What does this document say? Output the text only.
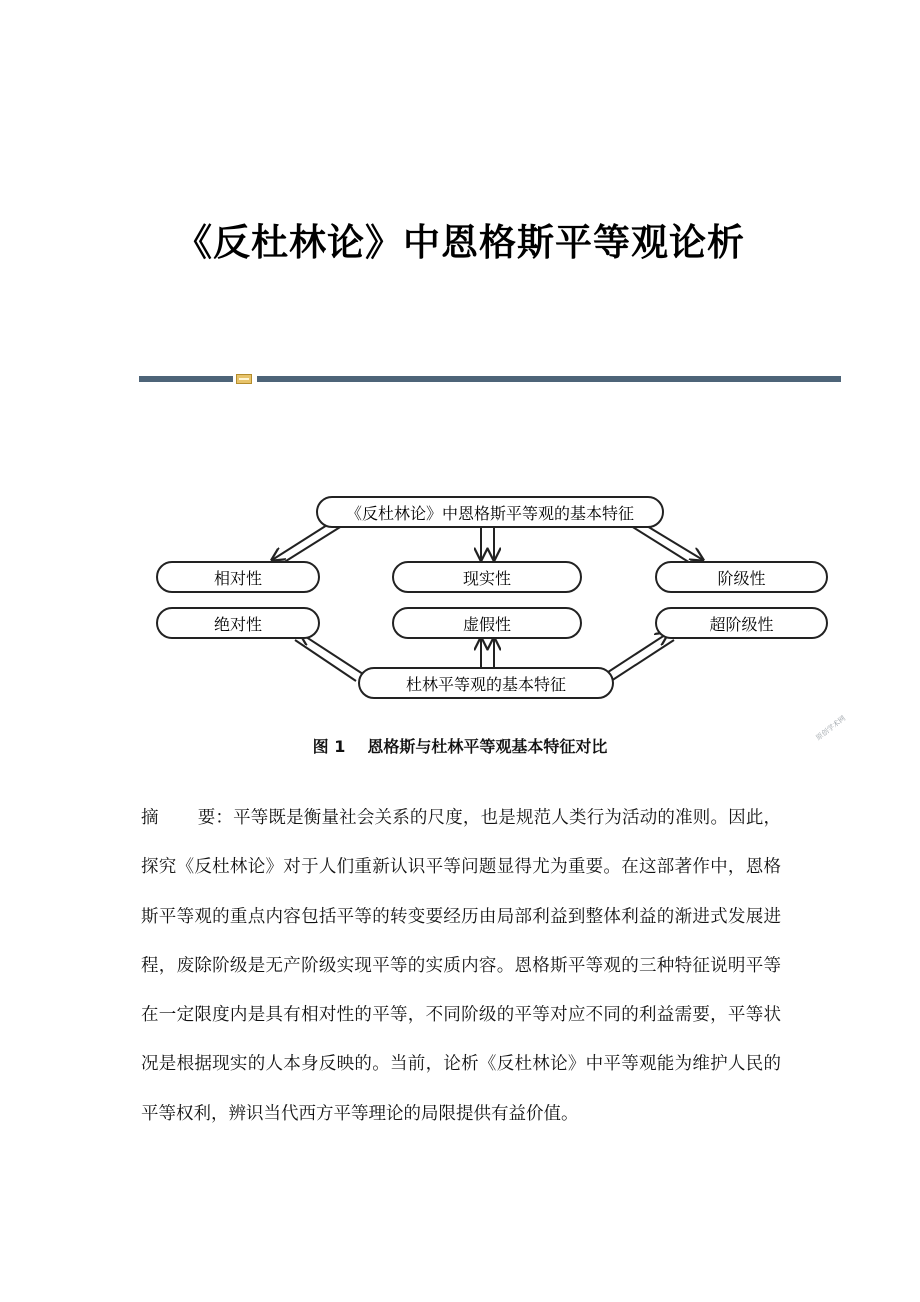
《反杜林论》中恩格斯平等观论析
《反杜林论》中恩格斯平等观的基本特征
相对性	现实性	阶级性
绝对性	虚假性	超阶级性
杜林平等观的基本特征
图 1 恩格斯与杜林平等观基本特征对比
原创学术网
摘 要：平等既是衡量社会关系的尺度，也是规范人类行为活动的准则。因此，探究《反杜林论》对于人们重新认识平等问题显得尤为重要。在这部著作中，恩格斯平等观的重点内容包括平等的转变要经历由局部利益到整体利益的渐进式发展进程，废除阶级是无产阶级实现平等的实质内容。恩格斯平等观的三种特征说明平等在一定限度内是具有相对性的平等，不同阶级的平等对应不同的利益需要，平等状况是根据现实的人本身反映的。当前，论析《反杜林论》中平等观能为维护人民的平等权利，辨识当代西方平等理论的局限提供有益价值。
